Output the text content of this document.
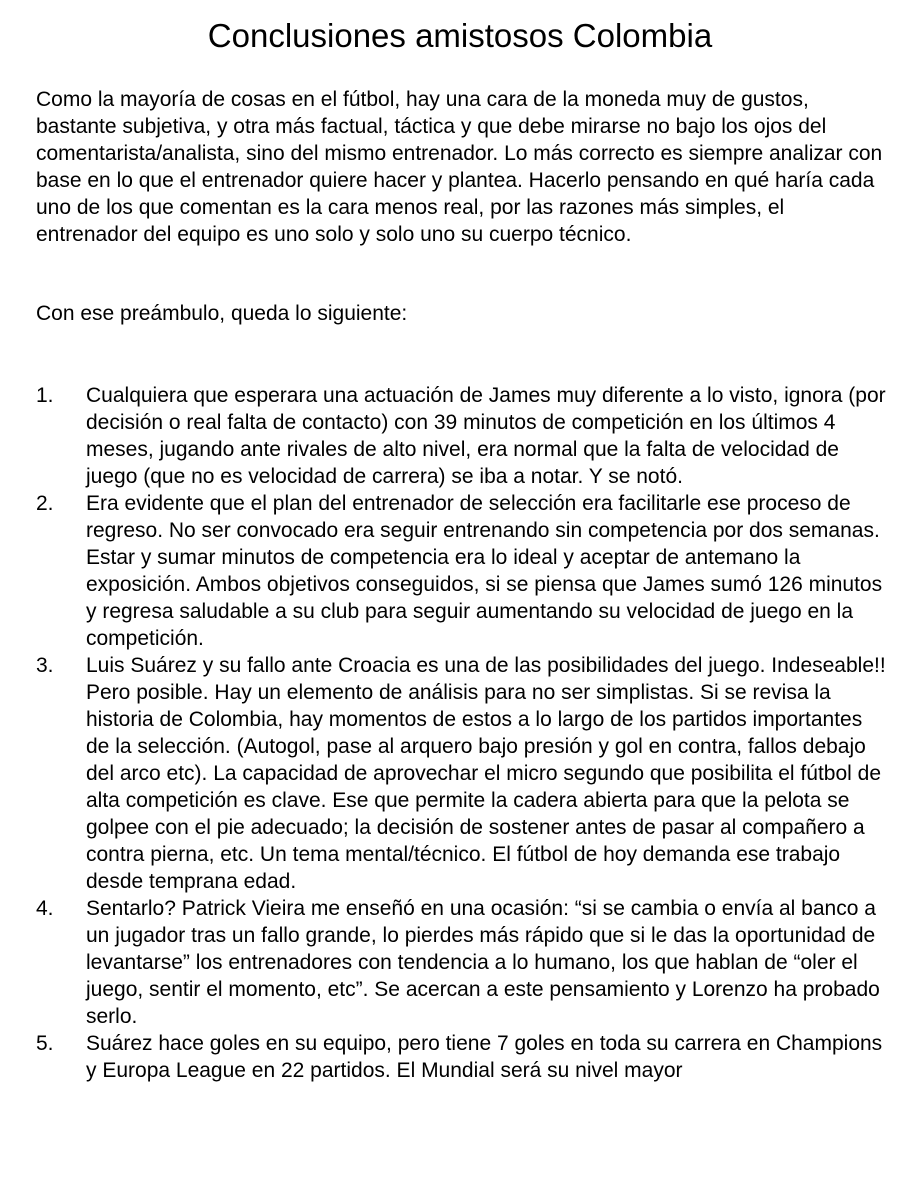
Conclusiones amistosos Colombia

Como la mayoría de cosas en el fútbol, hay una cara de la moneda muy de gustos, bastante subjetiva, y otra más factual, táctica y que debe mirarse no bajo los ojos del comentarista/analista, sino del mismo entrenador. Lo más correcto es siempre analizar con base en lo que el entrenador quiere hacer y plantea. Hacerlo pensando en qué haría cada uno de los que comentan es la cara menos real, por las razones más simples, el entrenador del equipo es uno solo y solo uno su cuerpo técnico.

Con ese preámbulo, queda lo siguiente:

1.	Cualquiera que esperara una actuación de James muy diferente a lo visto, ignora (por decisión o real falta de contacto) con 39 minutos de competición en los últimos 4 meses, jugando ante rivales de alto nivel, era normal que la falta de velocidad de juego (que no es velocidad de carrera) se iba a notar. Y se notó.
2.	Era evidente que el plan del entrenador de selección era facilitarle ese proceso de regreso. No ser convocado era seguir entrenando sin competencia por dos semanas. Estar y sumar minutos de competencia era lo ideal y aceptar de antemano la exposición. Ambos objetivos conseguidos, si se piensa que James sumó 126 minutos y regresa saludable a su club para seguir aumentando su velocidad de juego en la competición.
3.	Luis Suárez y su fallo ante Croacia es una de las posibilidades del juego. Indeseable!! Pero posible. Hay un elemento de análisis para no ser simplistas. Si se revisa la historia de Colombia, hay momentos de estos a lo largo de los partidos importantes de la selección. (Autogol, pase al arquero bajo presión y gol en contra, fallos debajo del arco etc). La capacidad de aprovechar el micro segundo que posibilita el fútbol de alta competición es clave. Ese que permite la cadera abierta para que la pelota se golpee con el pie adecuado; la decisión de sostener antes de pasar al compañero a contra pierna, etc. Un tema mental/técnico. El fútbol de hoy demanda ese trabajo desde temprana edad.
4.	Sentarlo? Patrick Vieira me enseñó en una ocasión: “si se cambia o envía al banco a un jugador tras un fallo grande, lo pierdes más rápido que si le das la oportunidad de levantarse” los entrenadores con tendencia a lo humano, los que hablan de “oler el juego, sentir el momento, etc”. Se acercan a este pensamiento y Lorenzo ha probado serlo.
5.	Suárez hace goles en su equipo, pero tiene 7 goles en toda su carrera en Champions y Europa League en 22 partidos. El Mundial será su nivel mayor
